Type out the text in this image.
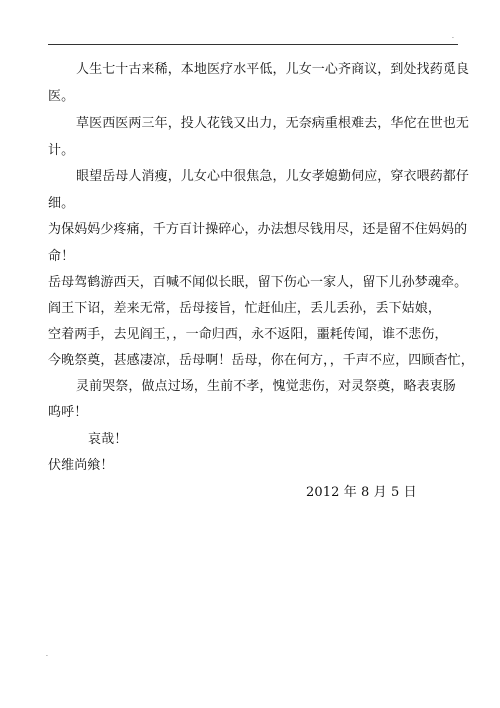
.
人生七十古来稀，本地医疗水平低，儿女一心齐商议，到处找药觅良
医。
草医西医两三年，投人花钱又出力，无奈病重根难去，华佗在世也无
计。
眼望岳母人消瘦，儿女心中很焦急，儿女孝媳勤伺应，穿衣喂药都仔
细。
为保妈妈少疼痛，千方百计操碎心，办法想尽钱用尽，还是留不住妈妈的
命！
岳母驾鹤游西天，百喊不闻似长眠，留下伤心一家人，留下儿孙梦魂牵。
阎王下诏，差来无常，岳母接旨，忙赶仙庄，丢儿丢孙，丢下姑娘，
空着两手，去见阎王，，一命归西，永不返阳，噩耗传闻，谁不悲伤，
今晚祭奠，甚感凄凉，岳母啊！岳母，你在何方，，千声不应，四顾杳忙，
灵前哭祭，做点过场，生前不孝，愧觉悲伤，对灵祭奠，略表衷肠
呜呼！
哀哉！
伏维尚飨！
2012 年 8 月 5 日
.
